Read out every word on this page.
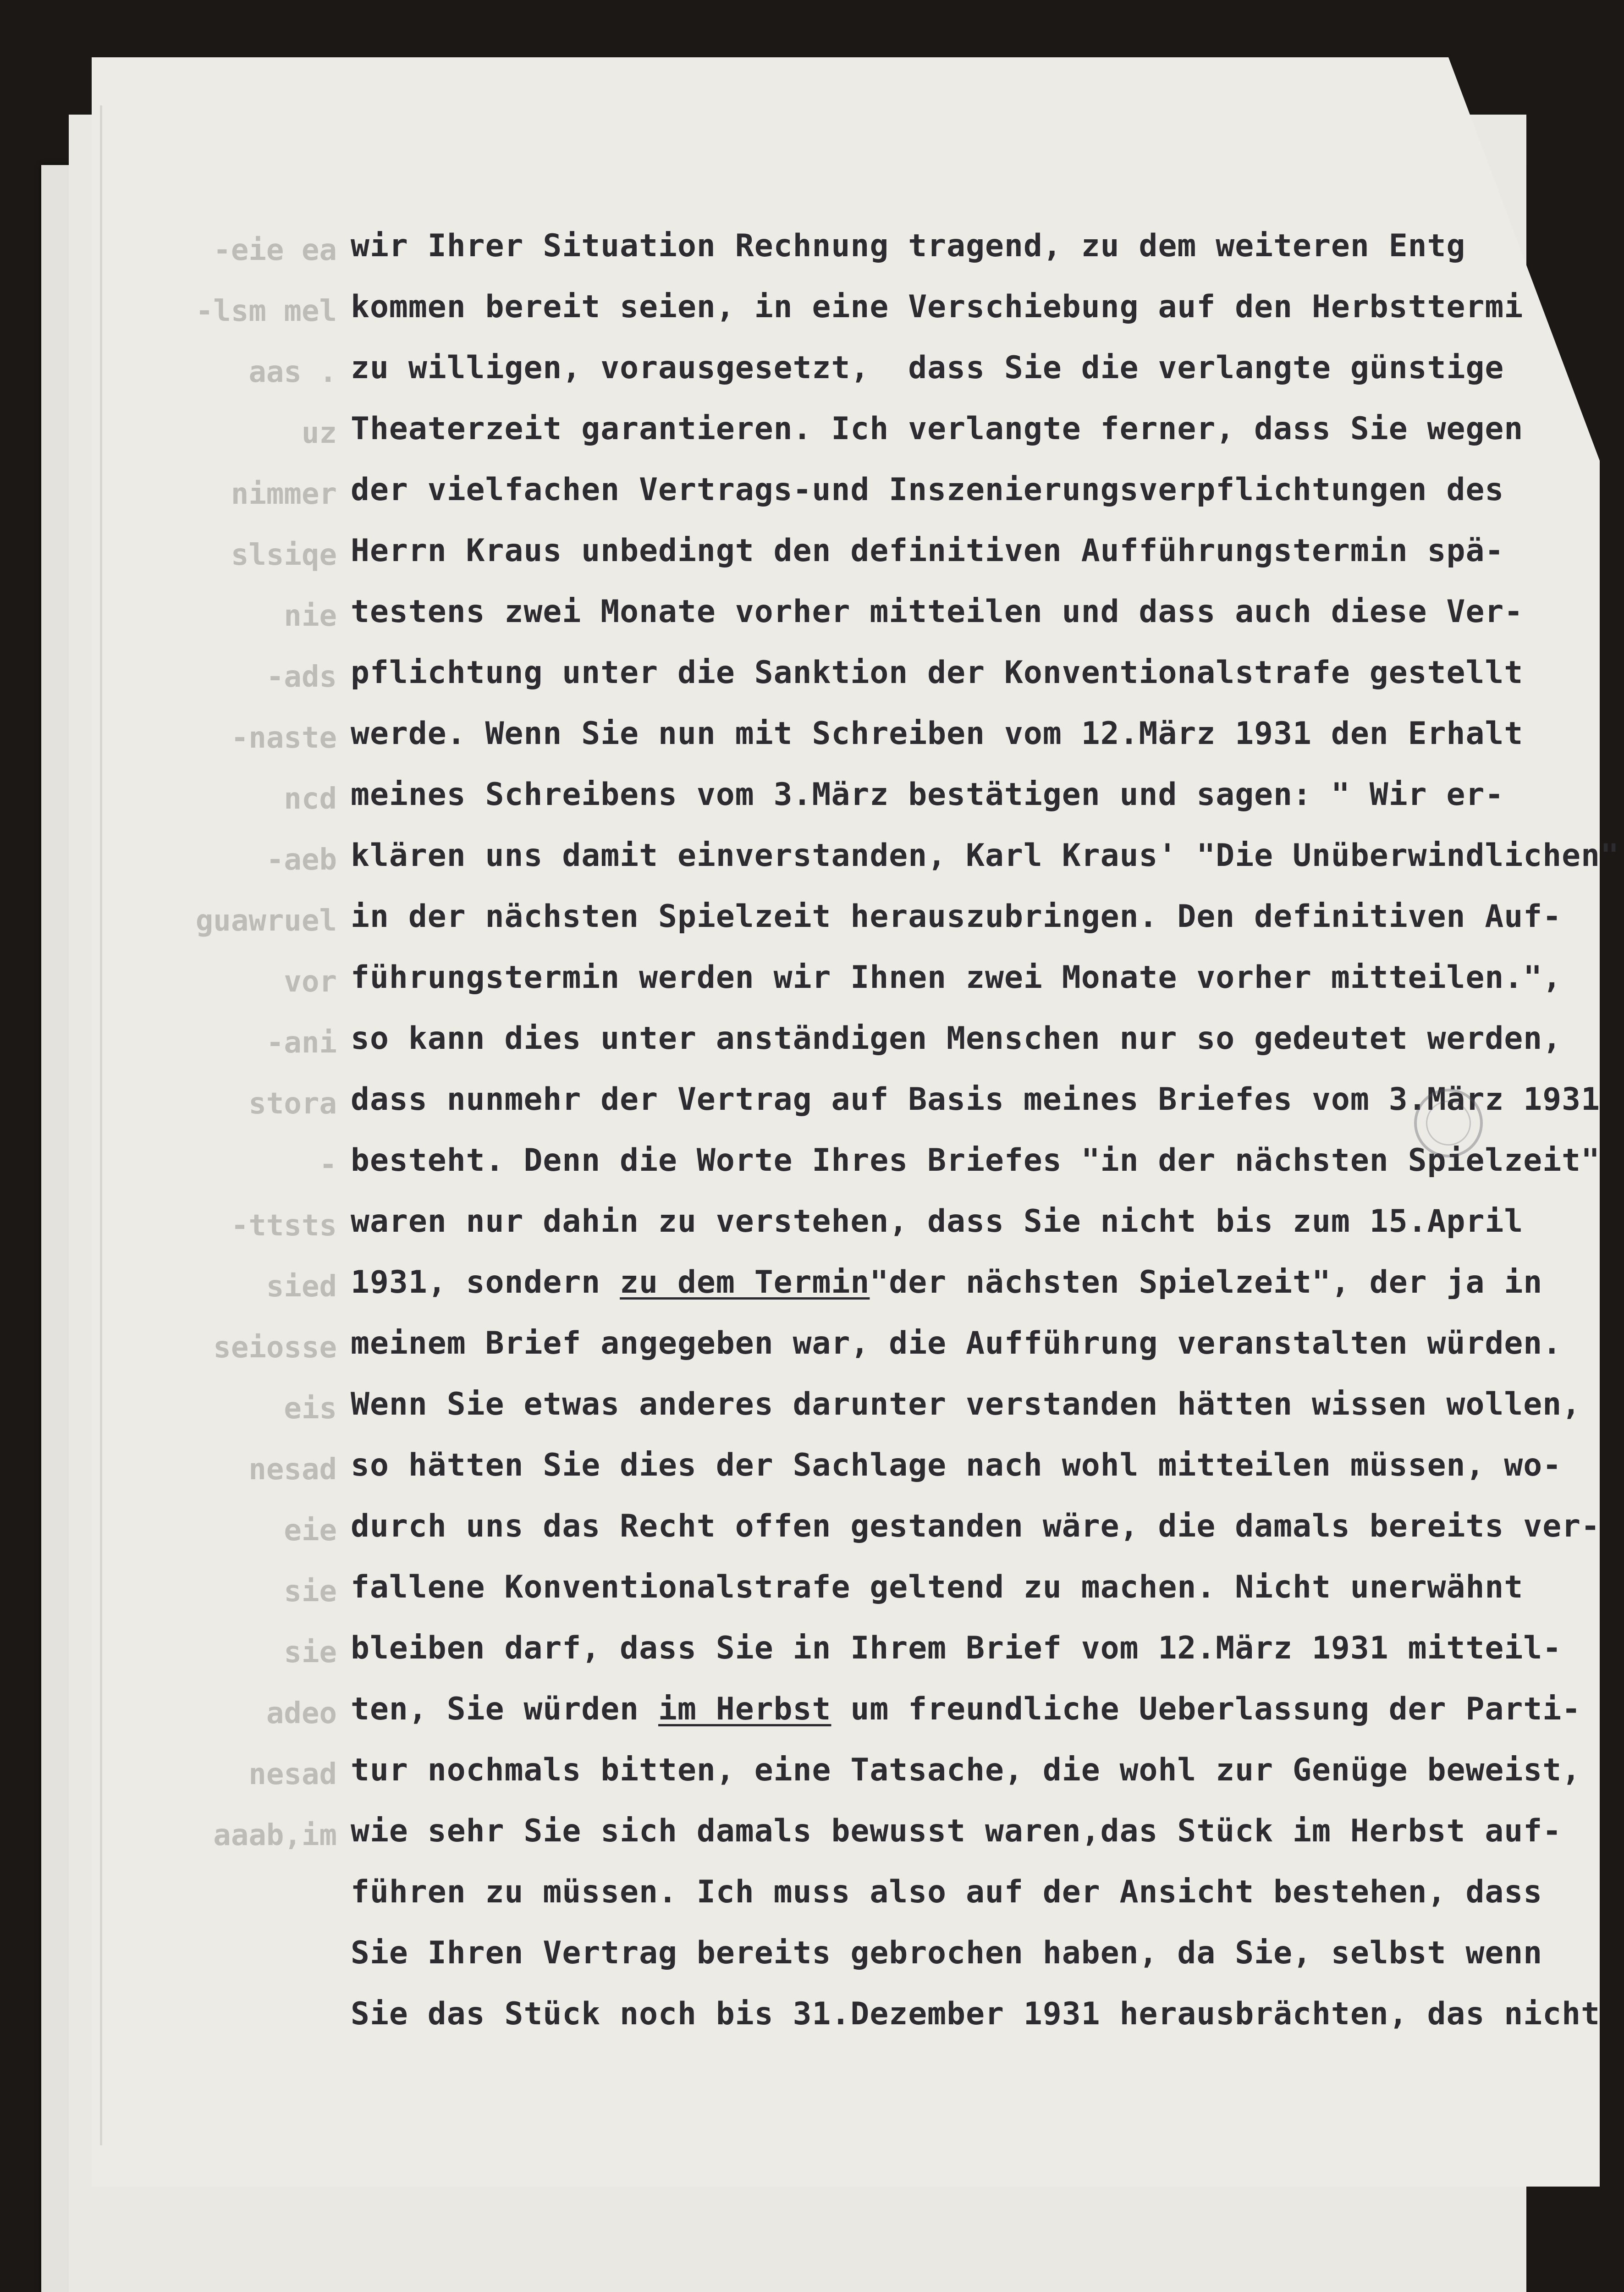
-eie ea
-lsm mel
aas .
uz
nimmer
slsiqe
nie
-ads
-naste
ncd
-aeb
guawruel
vor
-ani
stora
-
-ttsts
sied
seiosse
eis
nesad
eie
sie
sie
adeo
nesad
aaab,im
wir Ihrer Situation Rechnung tragend, zu dem weiteren Entg
kommen bereit seien, in eine Verschiebung auf den Herbsttermi
zu willigen, vorausgesetzt,  dass Sie die verlangte günstige
Theaterzeit garantieren. Ich verlangte ferner, dass Sie wegen
der vielfachen Vertrags-und Inszenierungsverpflichtungen des
Herrn Kraus unbedingt den definitiven Aufführungstermin spä-
testens zwei Monate vorher mitteilen und dass auch diese Ver-
pflichtung unter die Sanktion der Konventionalstrafe gestellt
werde. Wenn Sie nun mit Schreiben vom 12.März 1931 den Erhalt
meines Schreibens vom 3.März bestätigen und sagen: " Wir er-
klären uns damit einverstanden, Karl Kraus' "Die Unüberwindlichen"
in der nächsten Spielzeit herauszubringen. Den definitiven Auf-
führungstermin werden wir Ihnen zwei Monate vorher mitteilen.",
so kann dies unter anständigen Menschen nur so gedeutet werden,
dass nunmehr der Vertrag auf Basis meines Briefes vom 3.März 1931
besteht. Denn die Worte Ihres Briefes "in der nächsten Spielzeit"
waren nur dahin zu verstehen, dass Sie nicht bis zum 15.April
1931, sondern zu dem Termin"der nächsten Spielzeit", der ja in
meinem Brief angegeben war, die Aufführung veranstalten würden.
Wenn Sie etwas anderes darunter verstanden hätten wissen wollen,
so hätten Sie dies der Sachlage nach wohl mitteilen müssen, wo-
durch uns das Recht offen gestanden wäre, die damals bereits ver-
fallene Konventionalstrafe geltend zu machen. Nicht unerwähnt
bleiben darf, dass Sie in Ihrem Brief vom 12.März 1931 mitteil-
ten, Sie würden im Herbst um freundliche Ueberlassung der Parti-
tur nochmals bitten, eine Tatsache, die wohl zur Genüge beweist,
wie sehr Sie sich damals bewusst waren,das Stück im Herbst auf-
führen zu müssen. Ich muss also auf der Ansicht bestehen, dass
Sie Ihren Vertrag bereits gebrochen haben, da Sie, selbst wenn
Sie das Stück noch bis 31.Dezember 1931 herausbrächten, das nicht
